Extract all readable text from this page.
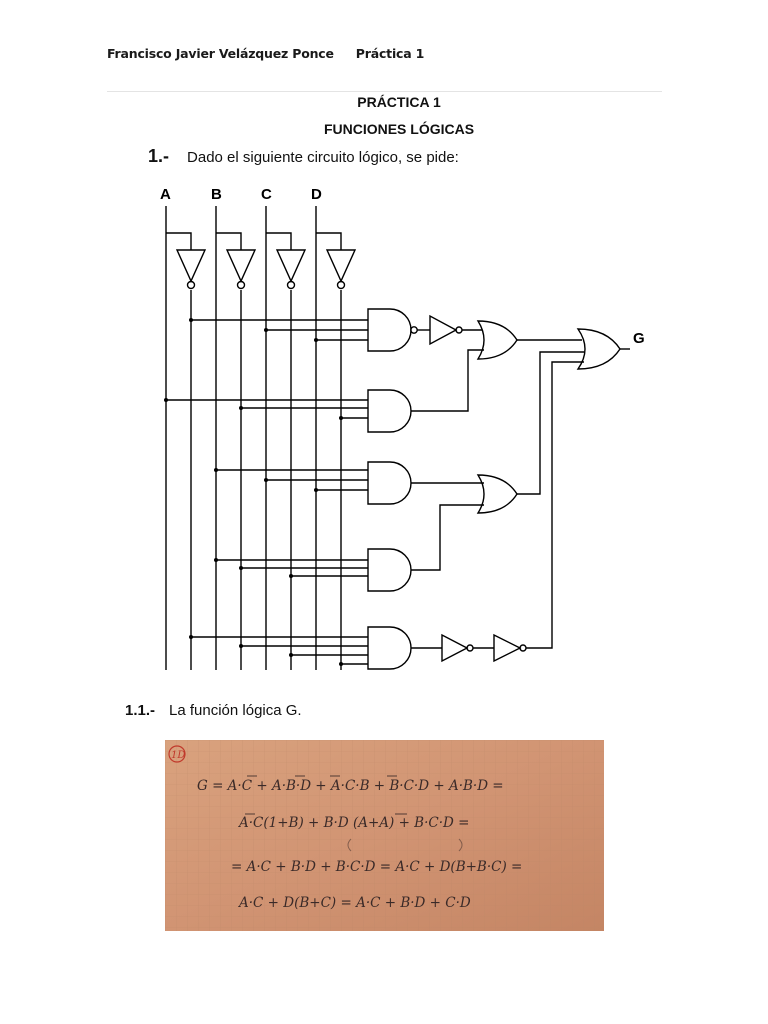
Francisco Javier Velázquez Ponce Práctica 1
PRÁCTICA 1
FUNCIONES LÓGICAS
1.- Dado el siguiente circuito lógico, se pide:
A	B	C	D
G
1.1.- La función lógica G.
1D
G = A·C + A·B·D + A·C·B + B·C·D + A·B·D =
A·C(1+B) + B·D (A+A) + B·C·D =
= A·C + B·D + B·C·D = A·C + D(B+B·C) =
A·C + D(B+C) = A·C + B·D + C·D
